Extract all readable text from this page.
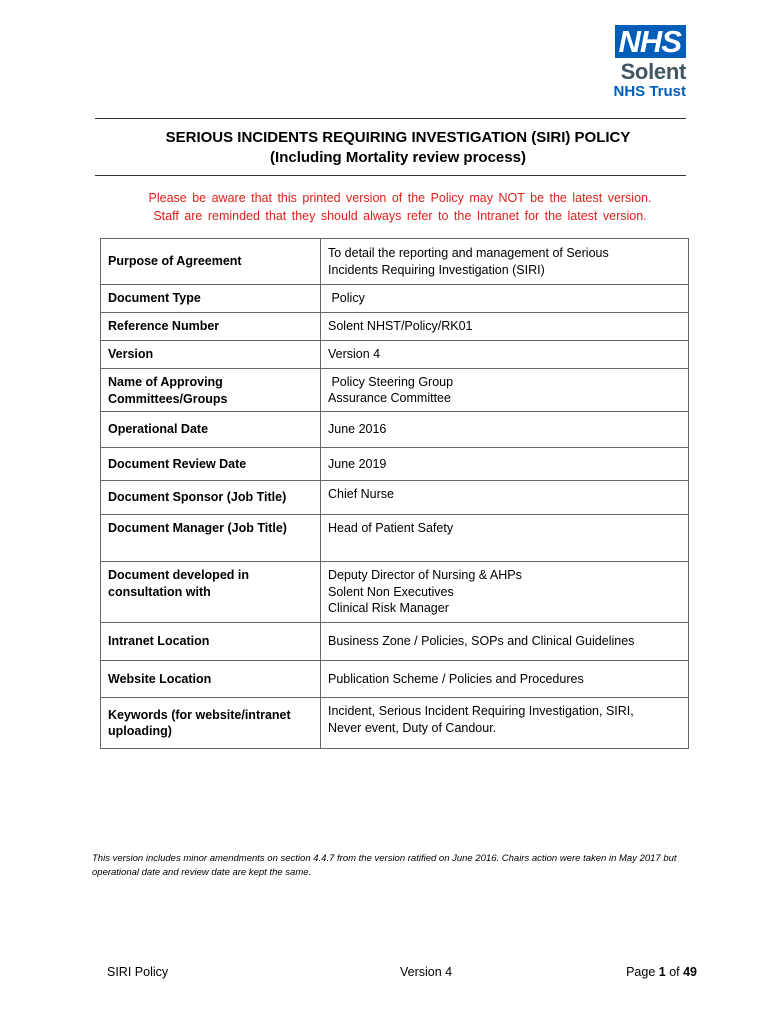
NHS
Solent
NHS Trust
SERIOUS INCIDENTS REQUIRING INVESTIGATION (SIRI) POLICY
(Including Mortality review process)
Please be aware that this printed version of the Policy may NOT be the latest version.
Staff are reminded that they should always refer to the Intranet for the latest version.
Purpose of Agreement	To detail the reporting and management of Serious
Incidents Requiring Investigation (SIRI)

Document Type	Policy

Reference Number	Solent NHST/Policy/RK01

Version	Version 4

Name of Approving Committees/Groups	Policy Steering Group
Assurance Committee

Operational Date	June 2016

Document Review Date	June 2019

Document Sponsor (Job Title)	Chief Nurse

Document Manager (Job Title)	Head of Patient Safety

Document developed in consultation with	Deputy Director of Nursing & AHPs
Solent Non Executives
Clinical Risk Manager

Intranet Location	Business Zone / Policies, SOPs and Clinical Guidelines

Website Location	Publication Scheme / Policies and Procedures

Keywords (for website/intranet uploading)	Incident, Serious Incident Requiring Investigation, SIRI,
Never event, Duty of Candour.
This version includes minor amendments on section 4.4.7 from the version ratified on June 2016. Chairs action were taken in May 2017 but operational date and review date are kept the same.
SIRI Policy	Version 4	Page 1 of 49
